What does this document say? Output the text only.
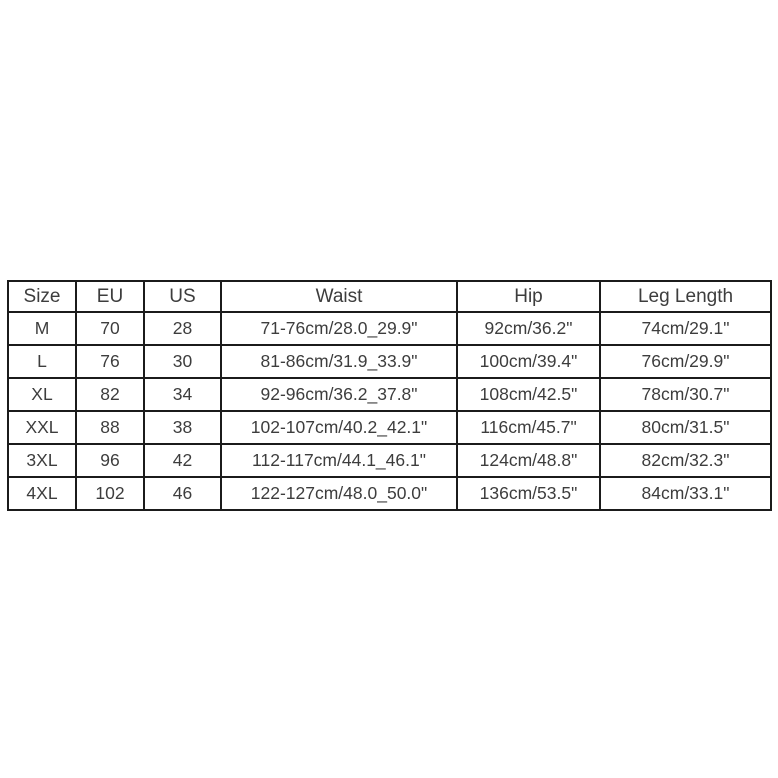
Size	EU	US	Waist	Hip	Leg Length
M	70	28	71-76cm/28.0_29.9"	92cm/36.2"	74cm/29.1"
L	76	30	81-86cm/31.9_33.9"	100cm/39.4"	76cm/29.9"
XL	82	34	92-96cm/36.2_37.8"	108cm/42.5"	78cm/30.7"
XXL	88	38	102-107cm/40.2_42.1"	116cm/45.7"	80cm/31.5"
3XL	96	42	112-117cm/44.1_46.1"	124cm/48.8"	82cm/32.3"
4XL	102	46	122-127cm/48.0_50.0"	136cm/53.5"	84cm/33.1"
